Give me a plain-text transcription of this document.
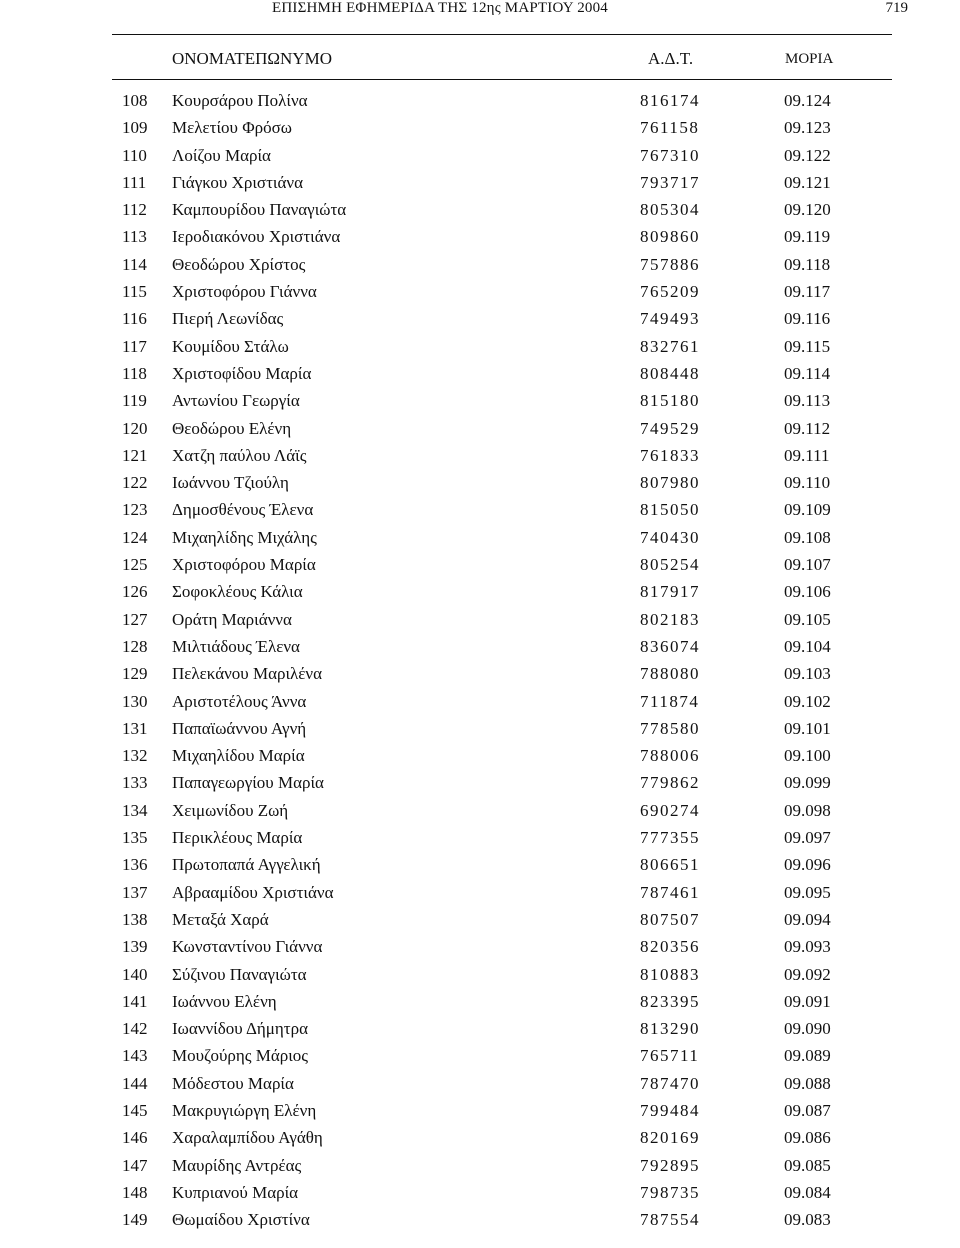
ΕΠΙΣΗΜΗ ΕΦΗΜΕΡΙΔΑ ΤΗΣ 12ης ΜΑΡΤΙΟΥ 2004	719
ΟΝΟΜΑΤΕΠΩΝΥΜΟ	Α.Δ.Τ.	ΜΟΡΙΑ
108 Κουρσάρου Πολίνα	816174	09.124
109 Μελετίου Φρόσω	761158	09.123
110 Λοίζου Μαρία	767310	09.122
111 Γιάγκου Χριστιάνα	793717	09.121
112 Καμπουρίδου Παναγιώτα	805304	09.120
113 Ιεροδιακόνου Χριστιάνα	809860	09.119
114 Θεοδώρου Χρίστος	757886	09.118
115 Χριστοφόρου Γιάννα	765209	09.117
116 Πιερή Λεωνίδας	749493	09.116
117 Κουμίδου Στάλω	832761	09.115
118 Χριστοφίδου Μαρία	808448	09.114
119 Αντωνίου Γεωργία	815180	09.113
120 Θεοδώρου Ελένη	749529	09.112
121 Χατζη παύλου Λάϊς	761833	09.111
122 Ιωάννου Τζιούλη	807980	09.110
123 Δημοσθένους Έλενα	815050	09.109
124 Μιχαηλίδης Μιχάλης	740430	09.108
125 Χριστοφόρου Μαρία	805254	09.107
126 Σοφοκλέους Κάλια	817917	09.106
127 Οράτη Μαριάννα	802183	09.105
128 Μιλτιάδους Έλενα	836074	09.104
129 Πελεκάνου Μαριλένα	788080	09.103
130 Αριστοτέλους Άννα	711874	09.102
131 Παπαϊωάννου Αγνή	778580	09.101
132 Μιχαηλίδου Μαρία	788006	09.100
133 Παπαγεωργίου Μαρία	779862	09.099
134 Χειμωνίδου Ζωή	690274	09.098
135 Περικλέους Μαρία	777355	09.097
136 Πρωτοπαπά Αγγελική	806651	09.096
137 Αβρααμίδου Χριστιάνα	787461	09.095
138 Μεταξά Χαρά	807507	09.094
139 Κωνσταντίνου Γιάννα	820356	09.093
140 Σύζινου Παναγιώτα	810883	09.092
141 Ιωάννου Ελένη	823395	09.091
142 Ιωαννίδου Δήμητρα	813290	09.090
143 Μουζούρης Μάριος	765711	09.089
144 Μόδεστου Μαρία	787470	09.088
145 Μακρυγιώργη Ελένη	799484	09.087
146 Χαραλαμπίδου Αγάθη	820169	09.086
147 Μαυρίδης Αντρέας	792895	09.085
148 Κυπριανού Μαρία	798735	09.084
149 Θωμαίδου Χριστίνα	787554	09.083
